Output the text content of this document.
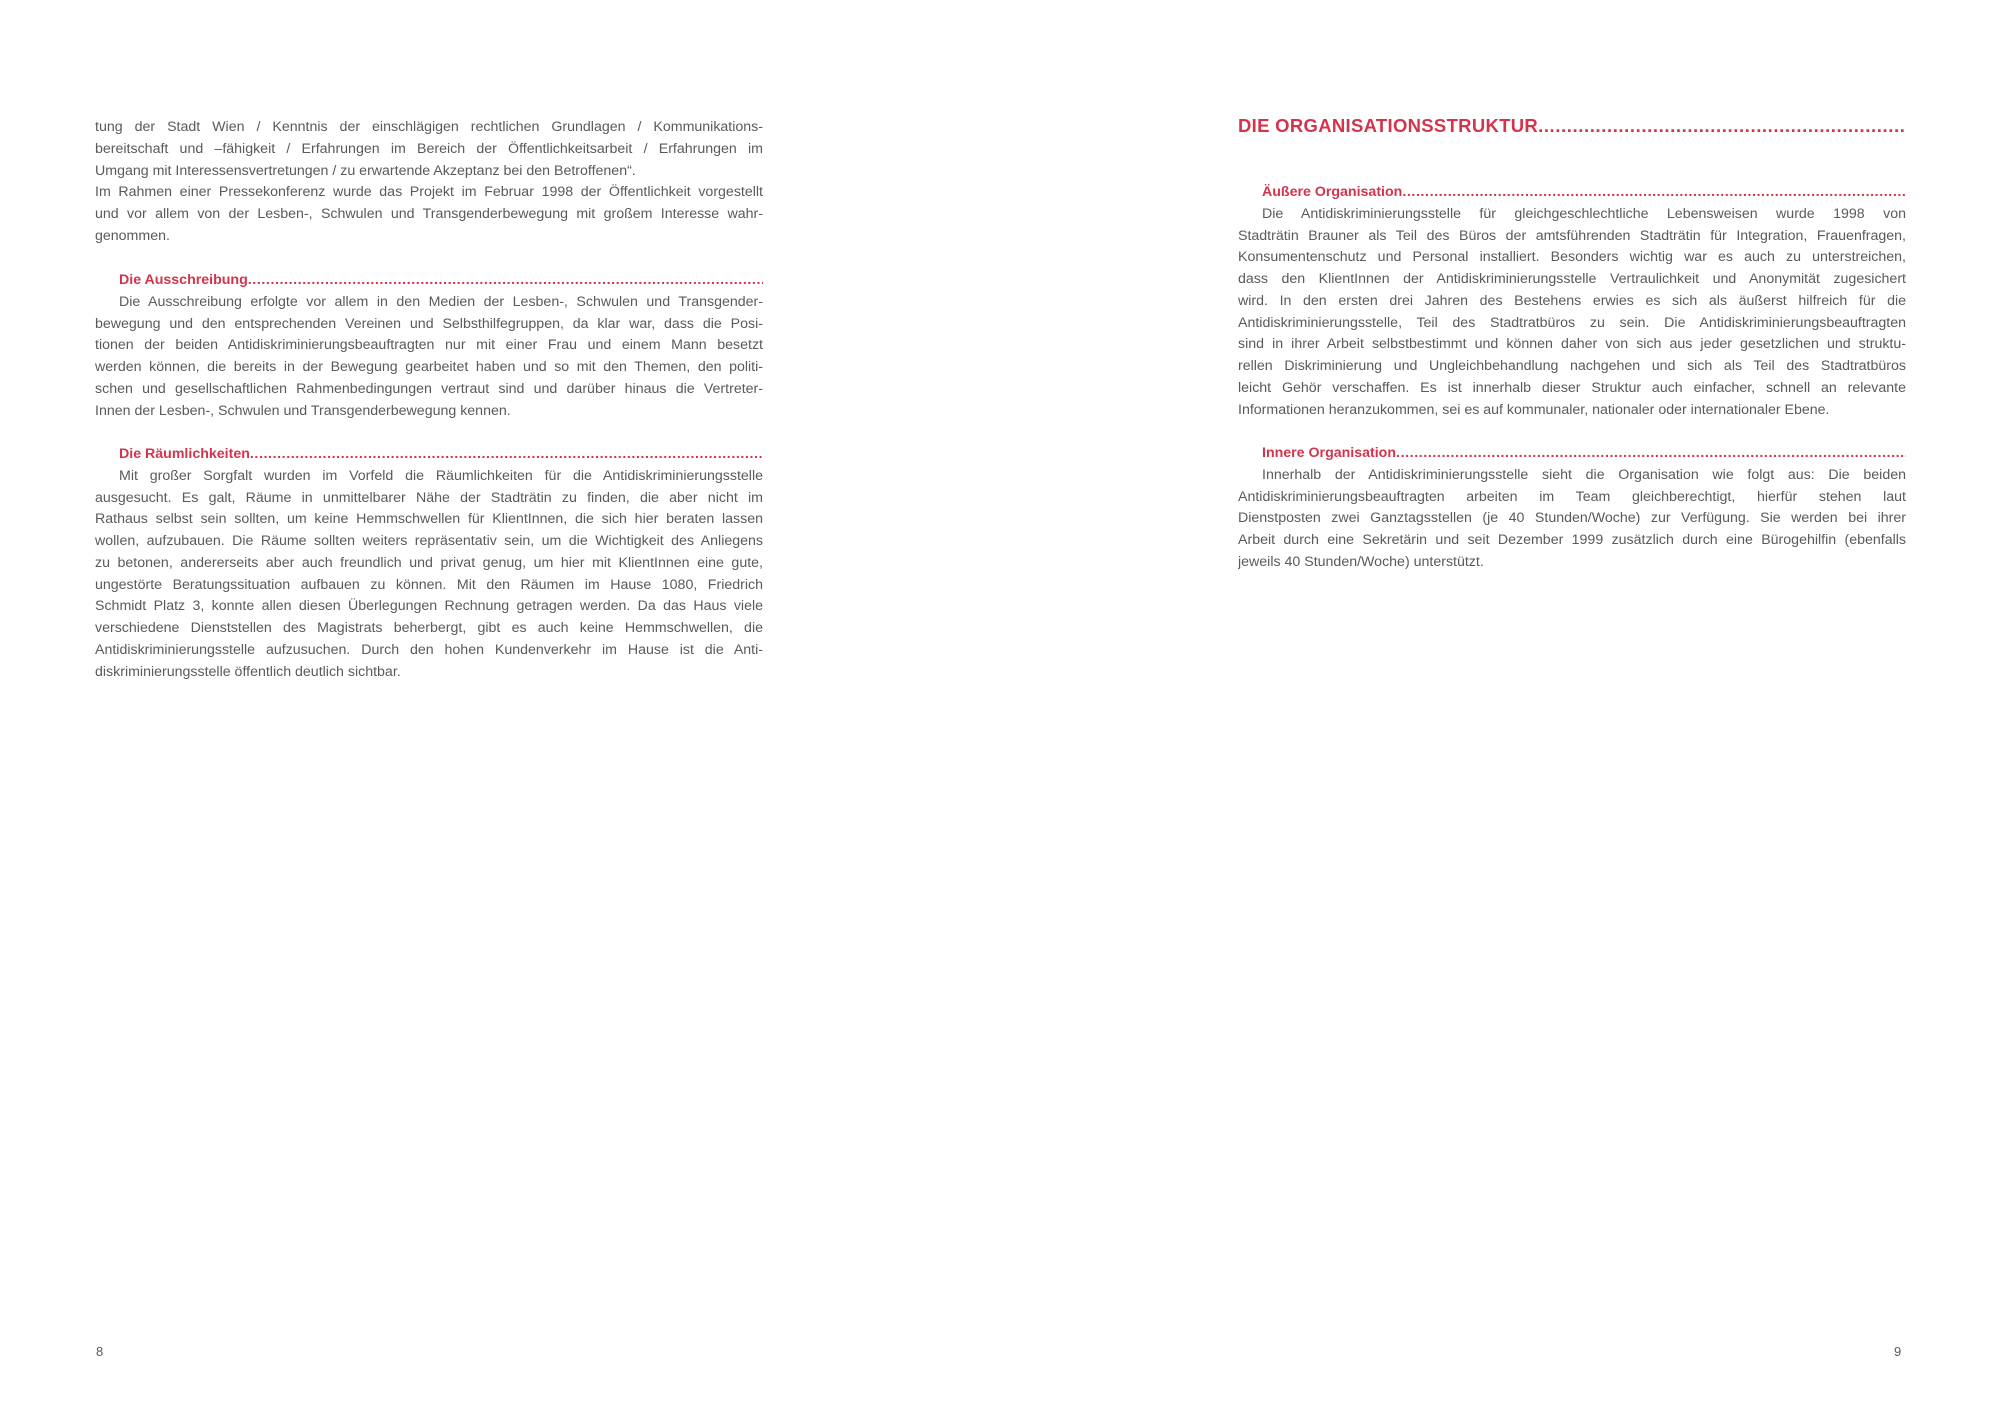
tung der Stadt Wien / Kenntnis der einschlägigen rechtlichen Grundlagen / Kommunikations-
bereitschaft und –fähigkeit / Erfahrungen im Bereich der Öffentlichkeitsarbeit / Erfahrungen im
Umgang mit Interessensvertretungen / zu erwartende Akzeptanz bei den Betroffenen“.
Im Rahmen einer Pressekonferenz wurde das Projekt im Februar 1998 der Öffentlichkeit vorgestellt
und vor allem von der Lesben-, Schwulen und Transgenderbewegung mit großem Interesse wahr-
genommen.
Die Ausschreibung
.....
Die Ausschreibung erfolgte vor allem in den Medien der Lesben-, Schwulen und Transgender-
bewegung und den entsprechenden Vereinen und Selbsthilfegruppen, da klar war, dass die Posi-
tionen der beiden Antidiskriminierungsbeauftragten nur mit einer Frau und einem Mann besetzt
werden können, die bereits in der Bewegung gearbeitet haben und so mit den Themen, den politi-
schen und gesellschaftlichen Rahmenbedingungen vertraut sind und darüber hinaus die Vertreter-
Innen der Lesben-, Schwulen und Transgenderbewegung kennen.
Die Räumlichkeiten
.....
Mit großer Sorgfalt wurden im Vorfeld die Räumlichkeiten für die Antidiskriminierungsstelle
ausgesucht. Es galt, Räume in unmittelbarer Nähe der Stadträtin zu finden, die aber nicht im
Rathaus selbst sein sollten, um keine Hemmschwellen für KlientInnen, die sich hier beraten lassen
wollen, aufzubauen. Die Räume sollten weiters repräsentativ sein, um die Wichtigkeit des Anliegens
zu betonen, andererseits aber auch freundlich und privat genug, um hier mit KlientInnen eine gute,
ungestörte Beratungssituation aufbauen zu können. Mit den Räumen im Hause 1080, Friedrich
Schmidt Platz 3, konnte allen diesen Überlegungen Rechnung getragen werden. Da das Haus viele
verschiedene Dienststellen des Magistrats beherbergt, gibt es auch keine Hemmschwellen, die
Antidiskriminierungsstelle aufzusuchen. Durch den hohen Kundenverkehr im Hause ist die Anti-
diskriminierungsstelle öffentlich deutlich sichtbar.
8
DIE ORGANISATIONSSTRUKTUR
.....
Äußere Organisation
.....
Die Antidiskriminierungsstelle für gleichgeschlechtliche Lebensweisen wurde 1998 von
Stadträtin Brauner als Teil des Büros der amtsführenden Stadträtin für Integration, Frauenfragen,
Konsumentenschutz und Personal installiert. Besonders wichtig war es auch zu unterstreichen,
dass den KlientInnen der Antidiskriminierungsstelle Vertraulichkeit und Anonymität zugesichert
wird. In den ersten drei Jahren des Bestehens erwies es sich als äußerst hilfreich für die
Antidiskriminierungsstelle, Teil des Stadtratbüros zu sein. Die Antidiskriminierungsbeauftragten
sind in ihrer Arbeit selbstbestimmt und können daher von sich aus jeder gesetzlichen und struktu-
rellen Diskriminierung und Ungleichbehandlung nachgehen und sich als Teil des Stadtratbüros
leicht Gehör verschaffen. Es ist innerhalb dieser Struktur auch einfacher, schnell an relevante
Informationen heranzukommen, sei es auf kommunaler, nationaler oder internationaler Ebene.
Innere Organisation
.....
Innerhalb der Antidiskriminierungsstelle sieht die Organisation wie folgt aus: Die beiden
Antidiskriminierungsbeauftragten arbeiten im Team gleichberechtigt, hierfür stehen laut
Dienstposten zwei Ganztagsstellen (je 40 Stunden/Woche) zur Verfügung. Sie werden bei ihrer
Arbeit durch eine Sekretärin und seit Dezember 1999 zusätzlich durch eine Bürogehilfin (ebenfalls
jeweils 40 Stunden/Woche) unterstützt.
9
